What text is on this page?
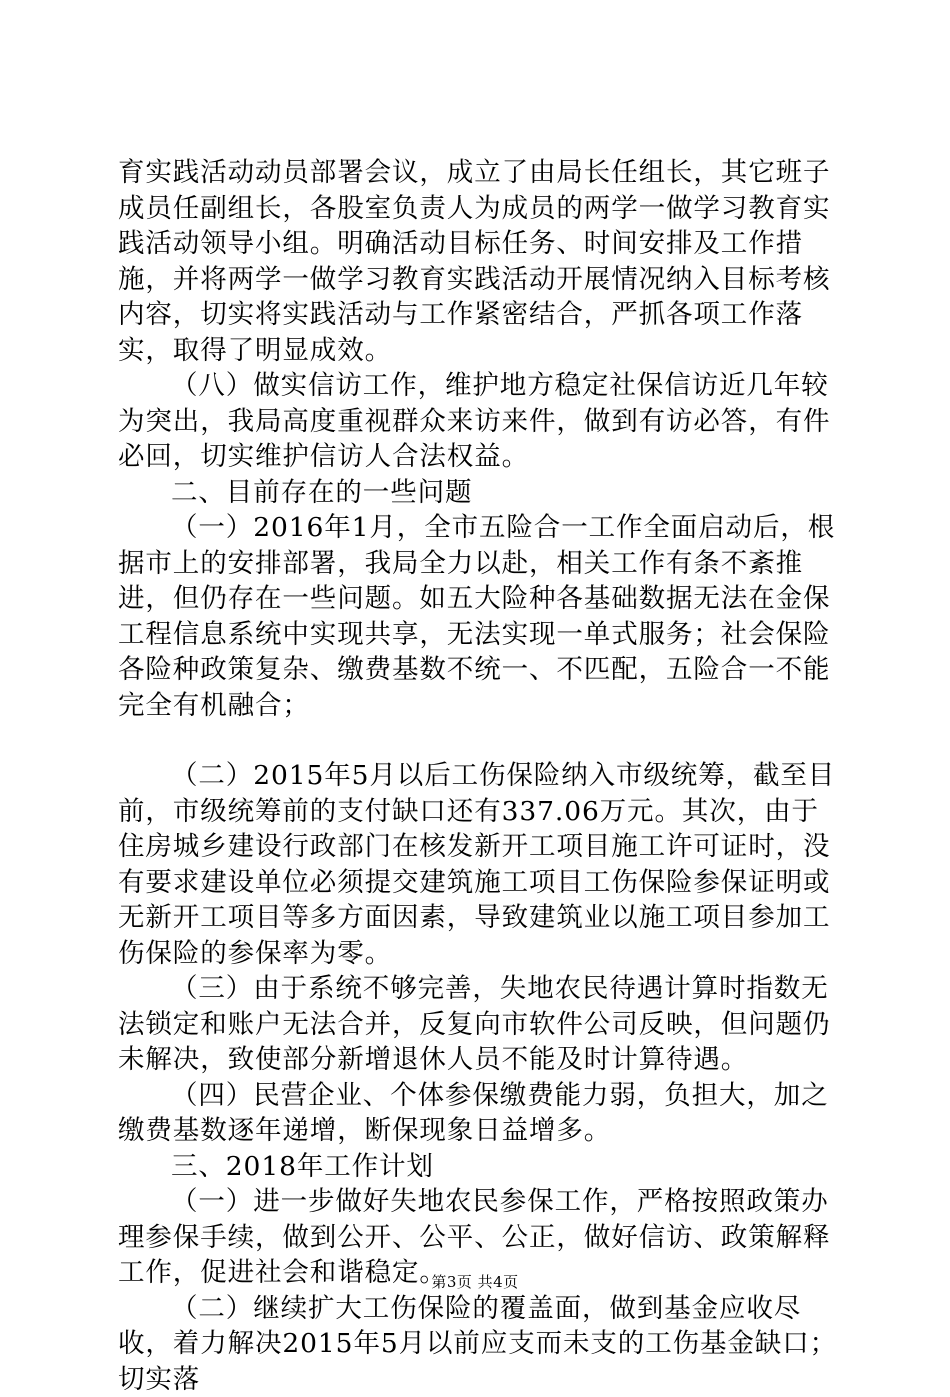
育实践活动动员部署会议，成立了由局长任组长，其它班子成员任副组长，各股室负责人为成员的两学一做学习教育实践活动领导小组。明确活动目标任务、时间安排及工作措施，并将两学一做学习教育实践活动开展情况纳入目标考核内容，切实将实践活动与工作紧密结合，严抓各项工作落实，取得了明显成效。

（八）做实信访工作，维护地方稳定社保信访近几年较为突出，我局高度重视群众来访来件，做到有访必答，有件必回，切实维护信访人合法权益。

二、目前存在的一些问题

（一）2016年1月，全市五险合一工作全面启动后，根据市上的安排部署，我局全力以赴，相关工作有条不紊推进，但仍存在一些问题。如五大险种各基础数据无法在金保工程信息系统中实现共享，无法实现一单式服务；社会保险各险种政策复杂、缴费基数不统一、不匹配，五险合一不能完全有机融合；

（二）2015年5月以后工伤保险纳入市级统筹，截至目前，市级统筹前的支付缺口还有337.06万元。其次，由于住房城乡建设行政部门在核发新开工项目施工许可证时，没有要求建设单位必须提交建筑施工项目工伤保险参保证明或无新开工项目等多方面因素，导致建筑业以施工项目参加工伤保险的参保率为零。

（三）由于系统不够完善，失地农民待遇计算时指数无法锁定和账户无法合并，反复向市软件公司反映，但问题仍未解决，致使部分新增退休人员不能及时计算待遇。

（四）民营企业、个体参保缴费能力弱，负担大，加之缴费基数逐年递增，断保现象日益增多。

三、2018年工作计划

（一）进一步做好失地农民参保工作，严格按照政策办理参保手续，做到公开、公平、公正，做好信访、政策解释工作，促进社会和谐稳定。

（二）继续扩大工伤保险的覆盖面，做到基金应收尽收，着力解决2015年5月以前应支而未支的工伤基金缺口；切实落

第3页 共4页
